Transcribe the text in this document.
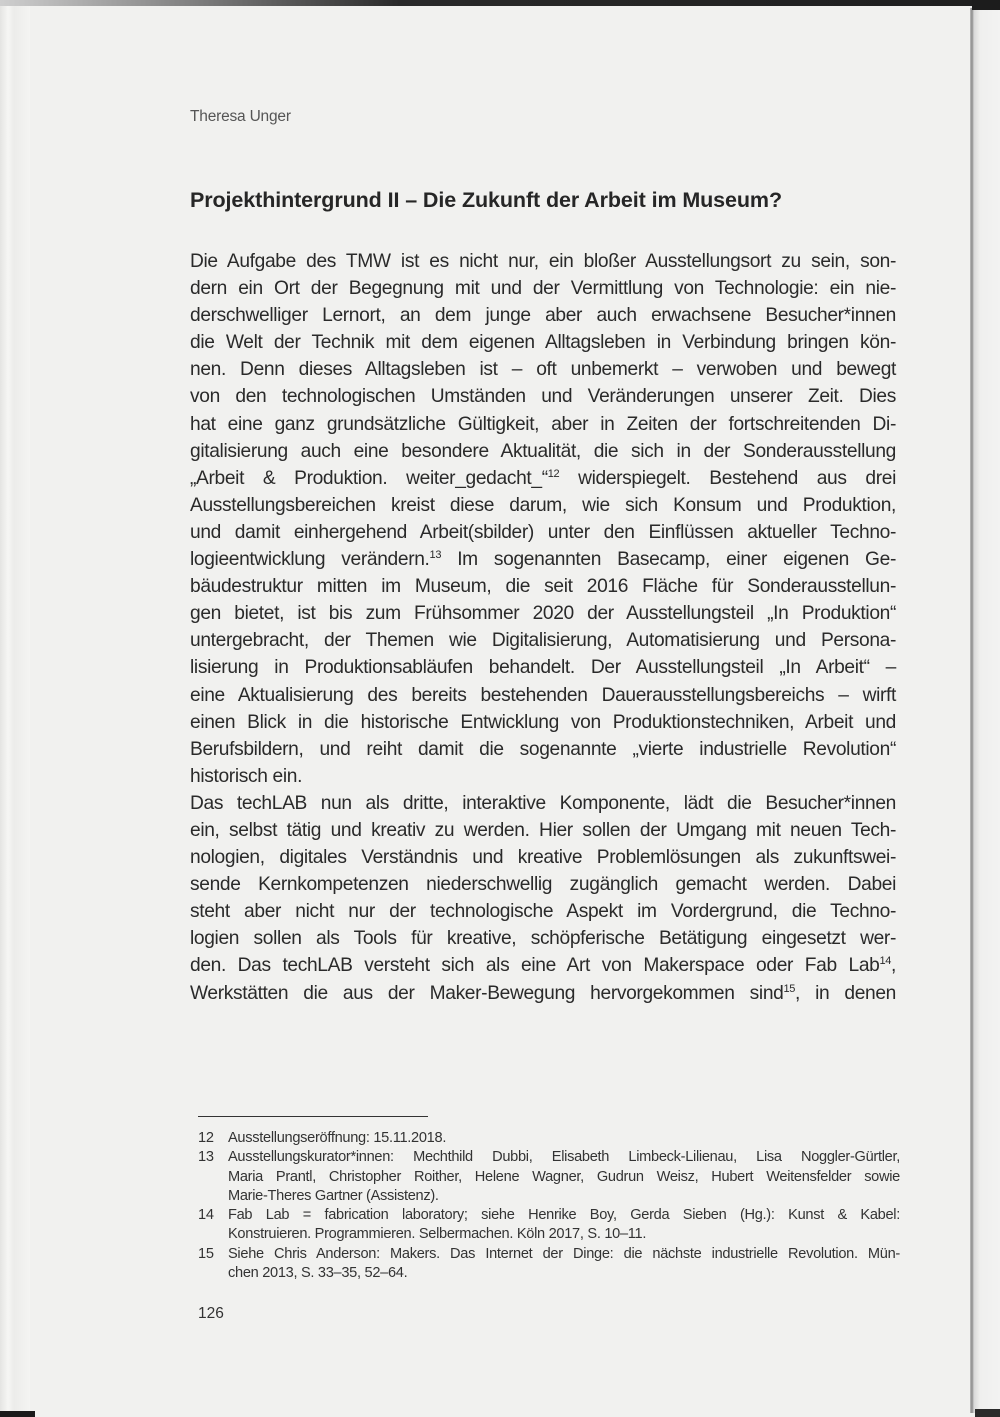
Theresa Unger
Projekthintergrund II – Die Zukunft der Arbeit im Museum?
Die Aufgabe des TMW ist es nicht nur, ein bloßer Ausstellungsort zu sein, son-
dern ein Ort der Begegnung mit und der Vermittlung von Technologie: ein nie-
derschwelliger Lernort, an dem junge aber auch erwachsene Besucher*innen
die Welt der Technik mit dem eigenen Alltagsleben in Verbindung bringen kön-
nen. Denn dieses Alltagsleben ist – oft unbemerkt – verwoben und bewegt
von den technologischen Umständen und Veränderungen unserer Zeit. Dies
hat eine ganz grundsätzliche Gültigkeit, aber in Zeiten der fortschreitenden Di-
gitalisierung auch eine besondere Aktualität, die sich in der Sonderausstellung
„Arbeit & Produktion. weiter_gedacht_“$^{12}$ widerspiegelt. Bestehend aus drei
Ausstellungsbereichen kreist diese darum, wie sich Konsum und Produktion,
und damit einhergehend Arbeit(sbilder) unter den Einflüssen aktueller Techno-
logieentwicklung verändern.$^{13}$ Im sogenannten Basecamp, einer eigenen Ge-
bäudestruktur mitten im Museum, die seit 2016 Fläche für Sonderausstellun-
gen bietet, ist bis zum Frühsommer 2020 der Ausstellungsteil „In Produktion“
untergebracht, der Themen wie Digitalisierung, Automatisierung und Persona-
lisierung in Produktionsabläufen behandelt. Der Ausstellungsteil „In Arbeit“ –
eine Aktualisierung des bereits bestehenden Dauerausstellungsbereichs – wirft
einen Blick in die historische Entwicklung von Produktionstechniken, Arbeit und
Berufsbildern, und reiht damit die sogenannte „vierte industrielle Revolution“
historisch ein.
Das techLAB nun als dritte, interaktive Komponente, lädt die Besucher*innen
ein, selbst tätig und kreativ zu werden. Hier sollen der Umgang mit neuen Tech-
nologien, digitales Verständnis und kreative Problemlösungen als zukunftswei-
sende Kernkompetenzen niederschwellig zugänglich gemacht werden. Dabei
steht aber nicht nur der technologische Aspekt im Vordergrund, die Techno-
logien sollen als Tools für kreative, schöpferische Betätigung eingesetzt wer-
den. Das techLAB versteht sich als eine Art von Makerspace oder Fab Lab$^{14}$,
Werkstätten die aus der Maker-Bewegung hervorgekommen sind$^{15}$, in denen
12 Ausstellungseröffnung: 15.11.2018.
13 Ausstellungskurator*innen: Mechthild Dubbi, Elisabeth Limbeck-Lilienau, Lisa Noggler-Gürtler,
Maria Prantl, Christopher Roither, Helene Wagner, Gudrun Weisz, Hubert Weitensfelder sowie
Marie-Theres Gartner (Assistenz).
14 Fab Lab = fabrication laboratory; siehe Henrike Boy, Gerda Sieben (Hg.): Kunst & Kabel:
Konstruieren. Programmieren. Selbermachen. Köln 2017, S. 10–11.
15 Siehe Chris Anderson: Makers. Das Internet der Dinge: die nächste industrielle Revolution. Mün-
chen 2013, S. 33–35, 52–64.
126
